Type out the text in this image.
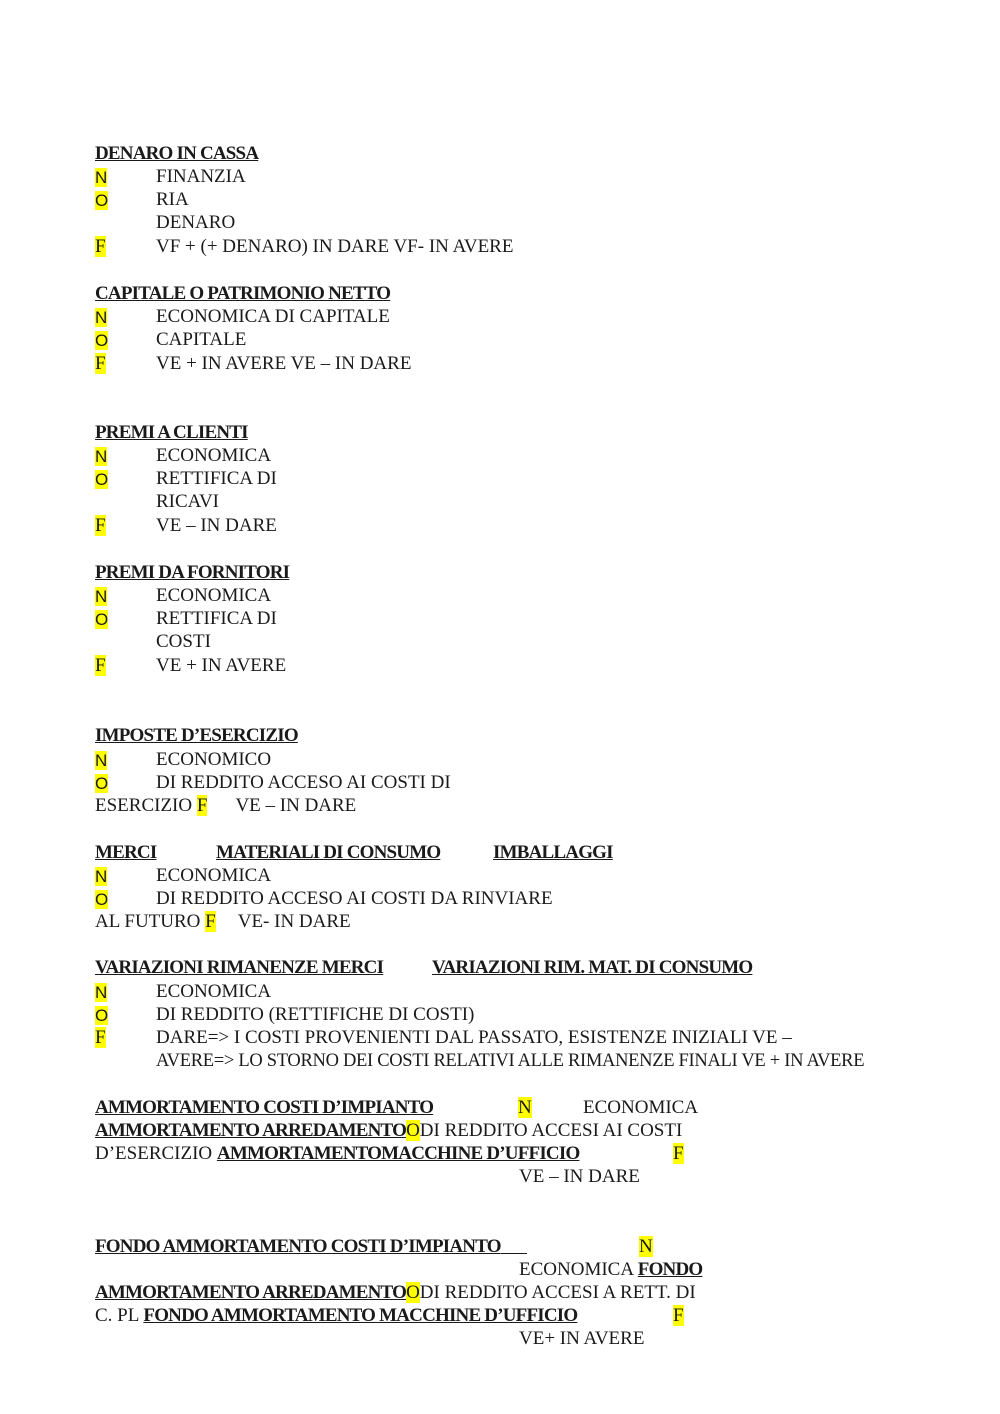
DENARO IN CASSA
N	FINANZIA
O	RIA
DENARO
F	VF + (+ DENARO) IN DARE VF- IN AVERE
CAPITALE O PATRIMONIO NETTO
N	ECONOMICA DI CAPITALE
O	CAPITALE
F	VE + IN AVERE VE – IN DARE
PREMI A CLIENTI
N	ECONOMICA
O	RETTIFICA DI
RICAVI
F	VE – IN DARE
PREMI DA FORNITORI
N	ECONOMICA
O	RETTIFICA DI
COSTI
F	VE + IN AVERE
IMPOSTE D’ESERCIZIO
N	ECONOMICO
O	DI REDDITO ACCESO AI COSTI DI
ESERCIZIO F VE – IN DARE
MERCI	MATERIALI DI CONSUMO	IMBALLAGGI
N	ECONOMICA
O	DI REDDITO ACCESO AI COSTI DA RINVIARE
AL FUTURO F VE- IN DARE
VARIAZIONI RIMANENZE MERCI	VARIAZIONI RIM. MAT. DI CONSUMO
N	ECONOMICA
O	DI REDDITO (RETTIFICHE DI COSTI)
F	DARE=> I COSTI PROVENIENTI DAL PASSATO, ESISTENZE INIZIALI VE –
AVERE=> LO STORNO DEI COSTI RELATIVI ALLE RIMANENZE FINALI VE + IN AVERE
AMMORTAMENTO COSTI D’IMPIANTO	N	ECONOMICA
AMMORTAMENTO ARREDAMENTOODI REDDITO ACCESI AI COSTI
D’ESERCIZIO AMMORTAMENTOMACCHINE D’UFFICIO	F
VE – IN DARE
FONDO AMMORTAMENTO COSTI D’IMPIANTO	N
ECONOMICA FONDO
AMMORTAMENTO ARREDAMENTOODI REDDITO ACCESI A RETT. DI
C. PL FONDO AMMORTAMENTO MACCHINE D’UFFICIO	F
VE+ IN AVERE
